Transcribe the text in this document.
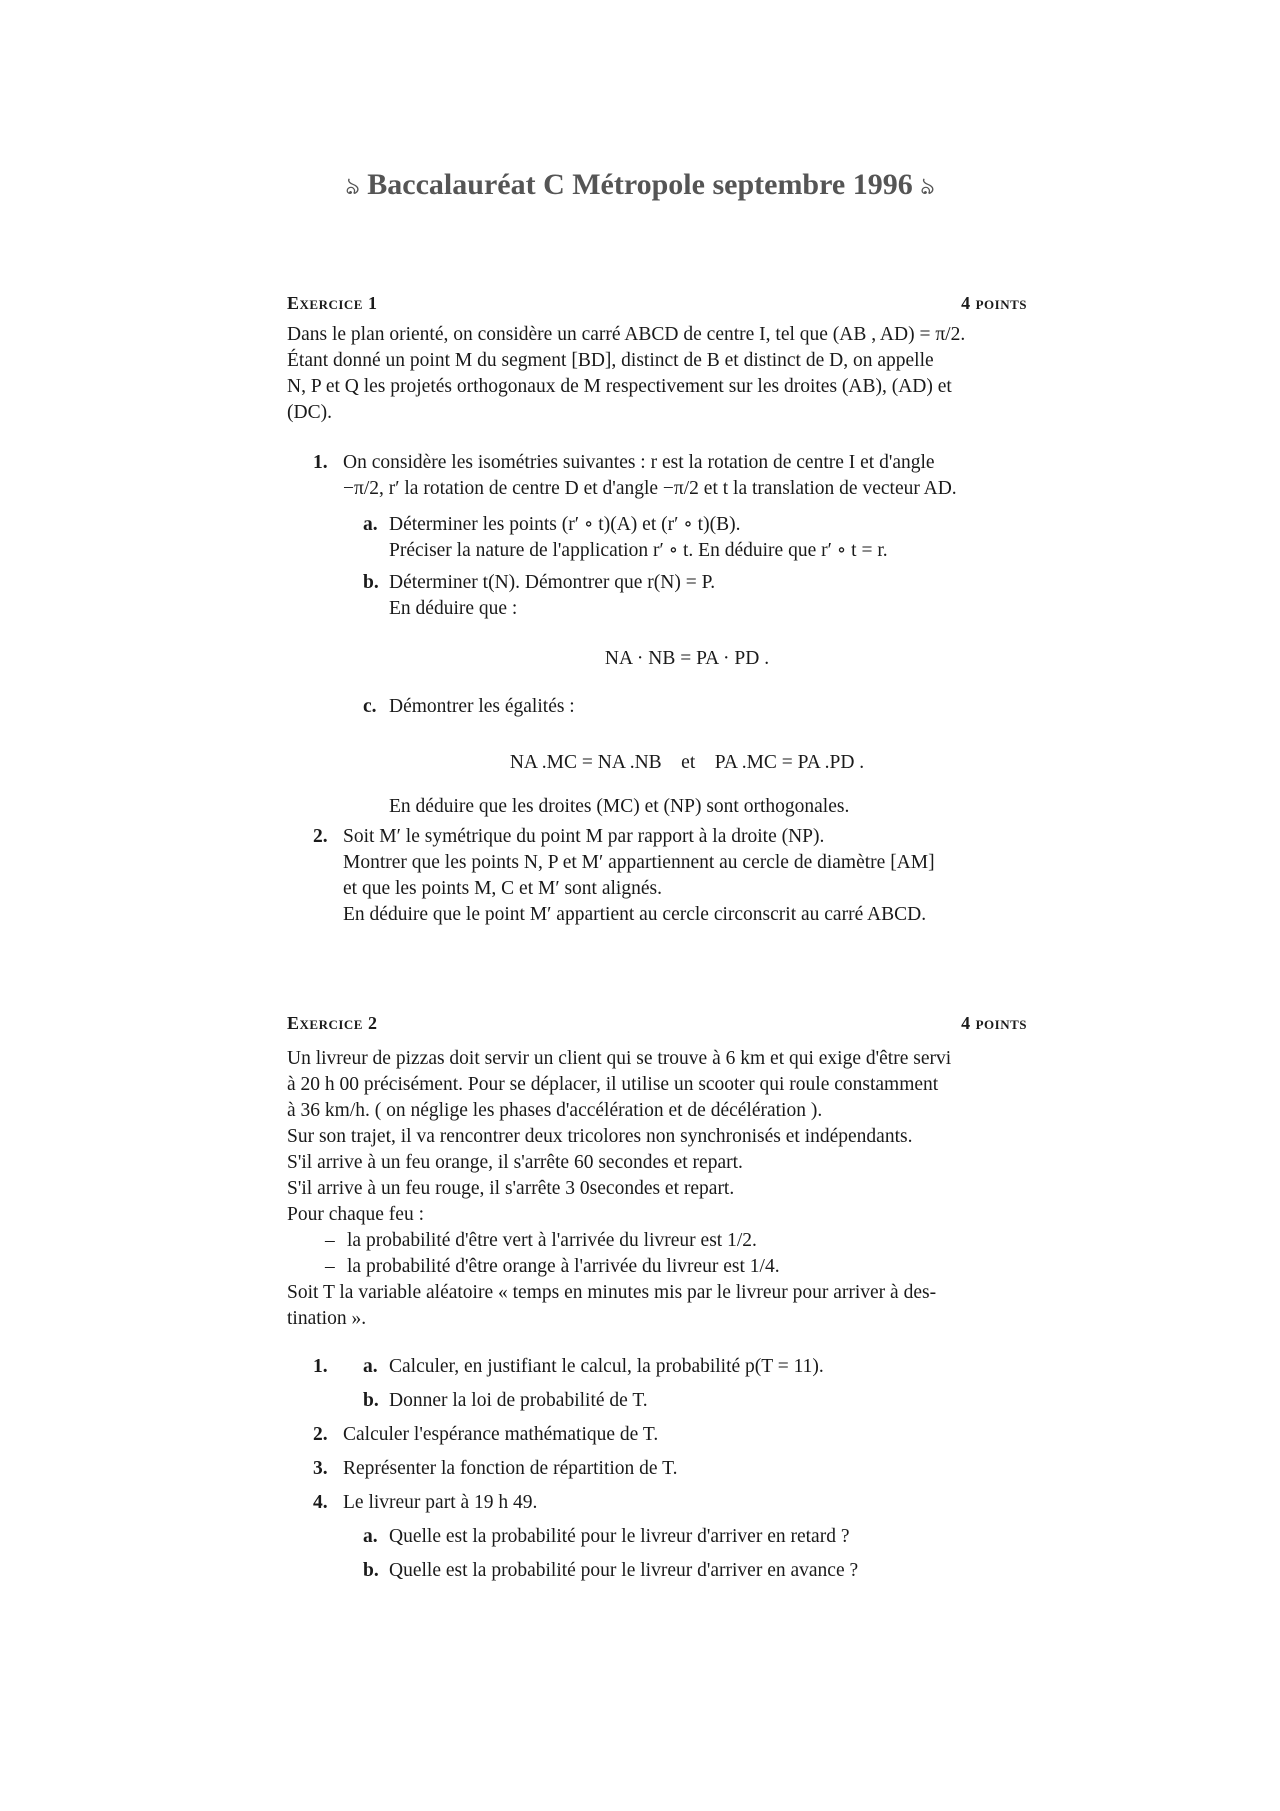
ঌ Baccalauréat C Métropole septembre 1996 ঌ
Exercice 1	4 points

Dans le plan orienté, on considère un carré ABCD de centre I, tel que (AB , AD) = π/2.

Étant donné un point M du segment [BD], distinct de B et distinct de D, on appelle

N, P et Q les projetés orthogonaux de M respectivement sur les droites (AB), (AD) et

(DC).

1. On considère les isométries suivantes : r est la rotation de centre I et d'angle

−π/2, r′ la rotation de centre D et d'angle −π/2 et t la translation de vecteur AD.

a. Déterminer les points (r′ ∘ t)(A) et (r′ ∘ t)(B).

Préciser la nature de l'application r′ ∘ t. En déduire que r′ ∘ t = r.

b. Déterminer t(N). Démontrer que r(N) = P.

En déduire que :

NA · NB = PA · PD .

c. Démontrer les égalités :

NA .MC = NA .NB    et    PA .MC = PA .PD .

En déduire que les droites (MC) et (NP) sont orthogonales.

2. Soit M′ le symétrique du point M par rapport à la droite (NP).

Montrer que les points N, P et M′ appartiennent au cercle de diamètre [AM]

et que les points M, C et M′ sont alignés.

En déduire que le point M′ appartient au cercle circonscrit au carré ABCD.

Exercice 2	4 points

Un livreur de pizzas doit servir un client qui se trouve à 6 km et qui exige d'être servi

à 20 h 00 précisément. Pour se déplacer, il utilise un scooter qui roule constamment

à 36 km/h. ( on néglige les phases d'accélération et de décélération ).

Sur son trajet, il va rencontrer deux tricolores non synchronisés et indépendants.

S'il arrive à un feu orange, il s'arrête 60 secondes et repart.

S'il arrive à un feu rouge, il s'arrête 3 0secondes et repart.

Pour chaque feu :

– la probabilité d'être vert à l'arrivée du livreur est 1/2.

– la probabilité d'être orange à l'arrivée du livreur est 1/4.

Soit T la variable aléatoire « temps en minutes mis par le livreur pour arriver à des-

tination ».

1. a. Calculer, en justifiant le calcul, la probabilité p(T = 11).

b. Donner la loi de probabilité de T.

2. Calculer l'espérance mathématique de T.

3. Représenter la fonction de répartition de T.

4. Le livreur part à 19 h 49.

a. Quelle est la probabilité pour le livreur d'arriver en retard ?

b. Quelle est la probabilité pour le livreur d'arriver en avance ?
